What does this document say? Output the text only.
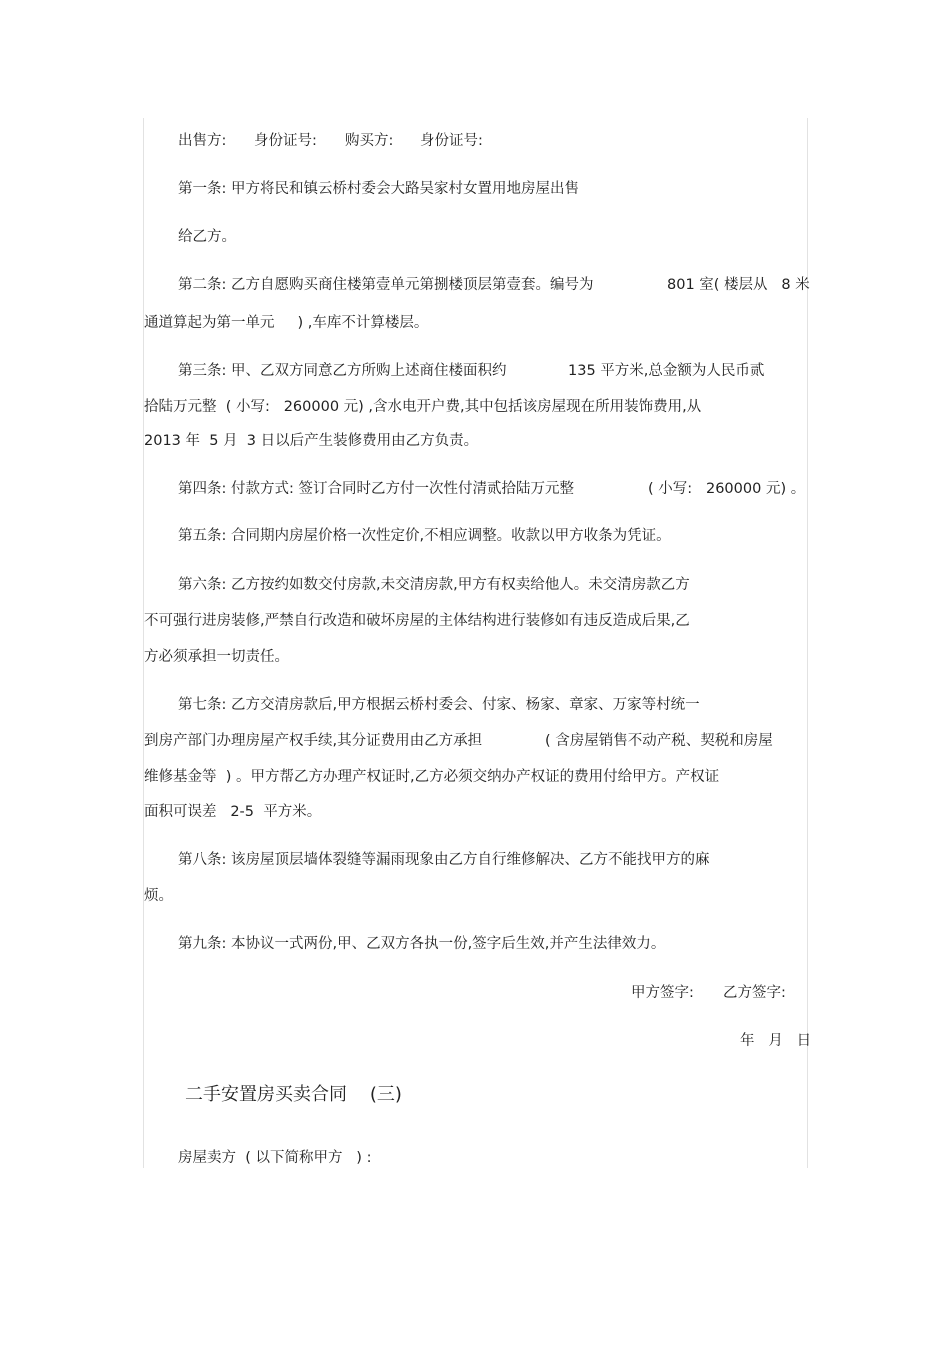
出售方: 身份证号: 购买方: 身份证号:
第一条: 甲方将民和镇云桥村委会大路吴家村女置用地房屋出售
给乙方。
第二条: 乙方自愿购买商住楼第壹单元第捌楼顶层第壹套。编号为	801 室( 楼层从   8 米
通道算起为第一单元     ) ,车库不计算楼层。
第三条: 甲、乙双方同意乙方所购上述商住楼面积约	135 平方米,总金额为人民币贰
拾陆万元整  ( 小写:   260000 元) ,含水电开户费,其中包括该房屋现在所用装饰费用,从
2013 年  5 月  3 日以后产生装修费用由乙方负责。
第四条: 付款方式: 签订合同时乙方付一次性付清贰拾陆万元整	( 小写:   260000 元) 。
第五条: 合同期内房屋价格一次性定价,不相应调整。收款以甲方收条为凭证。
第六条: 乙方按约如数交付房款,未交清房款,甲方有权卖给他人。未交清房款乙方
不可强行进房装修,严禁自行改造和破坏房屋的主体结构进行装修如有违反造成后果,乙
方必须承担一切责任。
第七条: 乙方交清房款后,甲方根据云桥村委会、付家、杨家、章家、万家等村统一
到房产部门办理房屋产权手续,其分证费用由乙方承担	( 含房屋销售不动产税、契税和房屋
维修基金等  ) 。甲方帮乙方办理产权证时,乙方必须交纳办产权证的费用付给甲方。产权证
面积可误差   2-5  平方米。
第八条: 该房屋顶层墙体裂缝等漏雨现象由乙方自行维修解决、乙方不能找甲方的麻
烦。
第九条: 本协议一式两份,甲、乙双方各执一份,签字后生效,并产生法律效力。
甲方签字: 乙方签字:
年   月   日
二手安置房买卖合同    (三)
房屋卖方  ( 以下简称甲方   ) :
